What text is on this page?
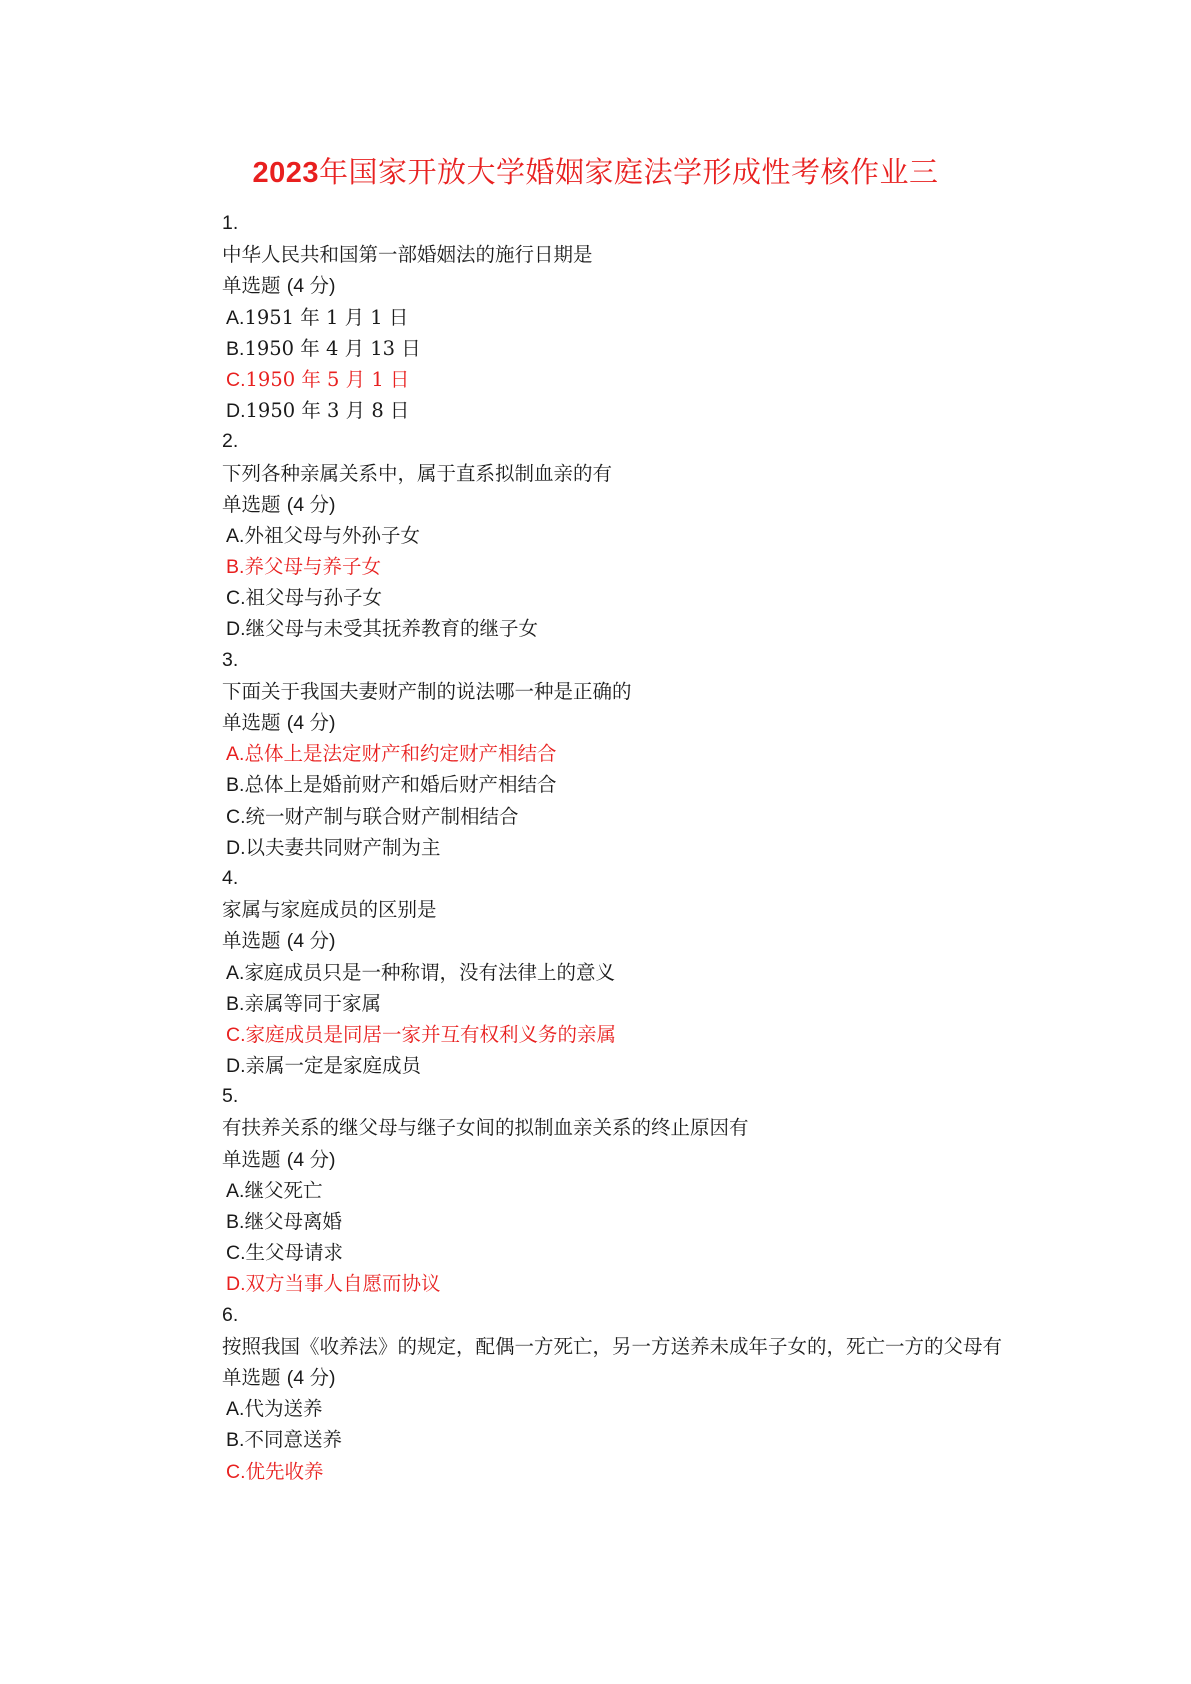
2023年国家开放大学婚姻家庭法学形成性考核作业三
1.
中华人民共和国第一部婚姻法的施行日期是
单选题 (4 分)
A.1951 年 1 月 1 日
B.1950 年 4 月 13 日
C.1950 年 5 月 1 日
D.1950 年 3 月 8 日
2.
下列各种亲属关系中，属于直系拟制血亲的有
单选题 (4 分)
A.外祖父母与外孙子女
B.养父母与养子女
C.祖父母与孙子女
D.继父母与未受其抚养教育的继子女
3.
下面关于我国夫妻财产制的说法哪一种是正确的
单选题 (4 分)
A.总体上是法定财产和约定财产相结合
B.总体上是婚前财产和婚后财产相结合
C.统一财产制与联合财产制相结合
D.以夫妻共同财产制为主
4.
家属与家庭成员的区别是
单选题 (4 分)
A.家庭成员只是一种称谓，没有法律上的意义
B.亲属等同于家属
C.家庭成员是同居一家并互有权利义务的亲属
D.亲属一定是家庭成员
5.
有扶养关系的继父母与继子女间的拟制血亲关系的终止原因有
单选题 (4 分)
A.继父死亡
B.继父母离婚
C.生父母请求
D.双方当事人自愿而协议
6.
按照我国《收养法》的规定，配偶一方死亡，另一方送养未成年子女的，死亡一方的父母有
单选题 (4 分)
A.代为送养
B.不同意送养
C.优先收养
